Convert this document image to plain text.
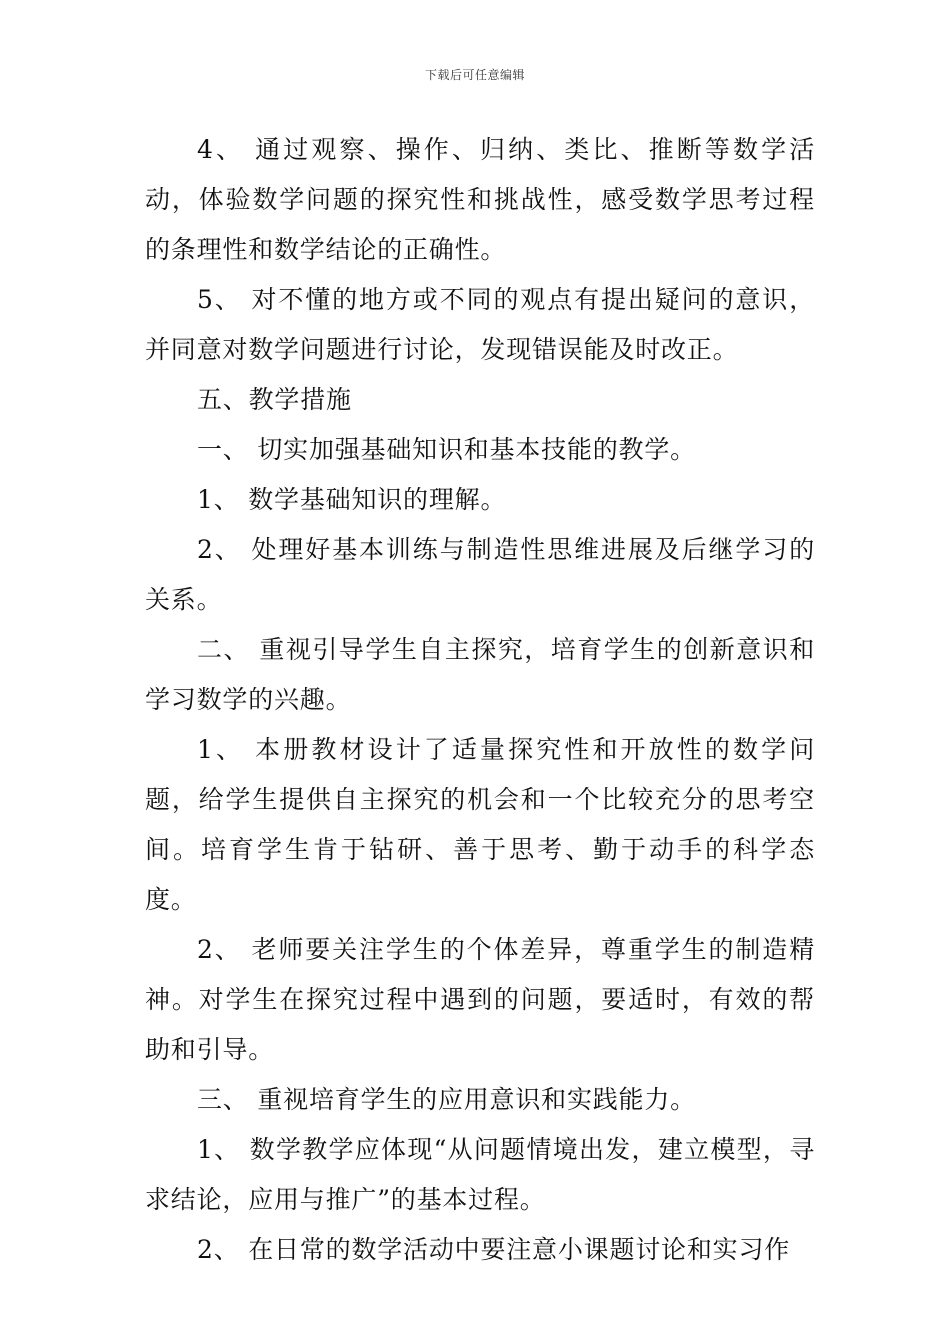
下载后可任意编辑

4、 通过观察、操作、归纳、类比、推断等数学活动，体验数学问题的探究性和挑战性，感受数学思考过程的条理性和数学结论的正确性。

5、 对不懂的地方或不同的观点有提出疑问的意识，并同意对数学问题进行讨论，发现错误能及时改正。

五、教学措施

一、 切实加强基础知识和基本技能的教学。

1、 数学基础知识的理解。

2、 处理好基本训练与制造性思维进展及后继学习的关系。

二、 重视引导学生自主探究，培育学生的创新意识和学习数学的兴趣。

1、 本册教材设计了适量探究性和开放性的数学问题，给学生提供自主探究的机会和一个比较充分的思考空间。培育学生肯于钻研、善于思考、勤于动手的科学态度。

2、 老师要关注学生的个体差异，尊重学生的制造精神。对学生在探究过程中遇到的问题，要适时，有效的帮助和引导。

三、 重视培育学生的应用意识和实践能力。

1、 数学教学应体现“从问题情境出发，建立模型，寻求结论，应用与推广”的基本过程。

2、 在日常的数学活动中要注意小课题讨论和实习作
